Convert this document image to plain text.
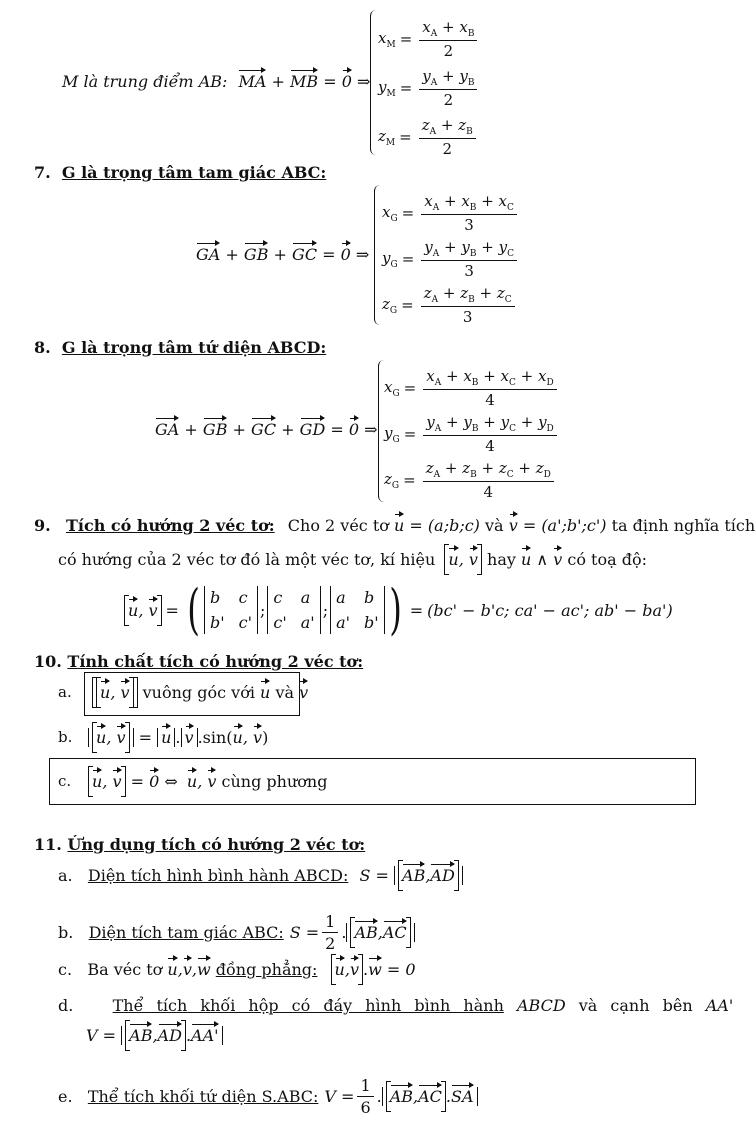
M là trung điểm AB: MA + MB = 0 ⇒
$x_M = \frac{x_A + x_B}{2}$
$y_M = \frac{y_A + y_B}{2}$
$z_M = \frac{z_A + z_B}{2}$
7. G là trọng tâm tam giác ABC:
GA + GB + GC = 0 ⇒
$x_G = \frac{x_A + x_B + x_C}{3}$
$y_G = \frac{y_A + y_B + y_C}{3}$
$z_G = \frac{z_A + z_B + z_C}{3}$
8. G là trọng tâm tứ diện ABCD:
GA + GB + GC + GD = 0 ⇒
$x_G = \frac{x_A + x_B + x_C + x_D}{4}$
$y_G = \frac{y_A + y_B + y_C + y_D}{4}$
$z_G = \frac{z_A + z_B + z_C + z_D}{4}$
9. Tích có hướng 2 véc tơ: Cho 2 véc tơ u = (a;b;c) và v = (a';b';c') ta định nghĩa tích
có hướng của 2 véc tơ đó là một véc tơ, kí hiệu u, v hay u ∧ v có toạ độ:
u, v = ( b c
b' c'
;
c a
c' a'
;
a b
a' b' ) = (bc' − b'c; ca' − ac'; ab' − ba')
10. Tính chất tích có hướng 2 véc tơ:
a.	u, v vuông góc với u và v
b.	u, v = u . v .sin(u, v)
c. u, v = 0 ⇔ u, v cùng phương
11. Ứng dụng tích có hướng 2 véc tơ:
a. Diện tích hình bình hành ABCD: S = AB,AD
b.
Diện tích tam giác ABC: $S = \frac{1}{2}$ . AB,AC
c. Ba véc tơ u,v,w đồng phẳng: u,v .w = 0
d. Thể tích khối hộp có đáy hình bình hành ABCD và cạnh bên AA'
V = AB,AD .AA'
e.
Thể tích khối tứ diện S.ABC: $V = \frac{1}{6}$ . AB,AC .SA
